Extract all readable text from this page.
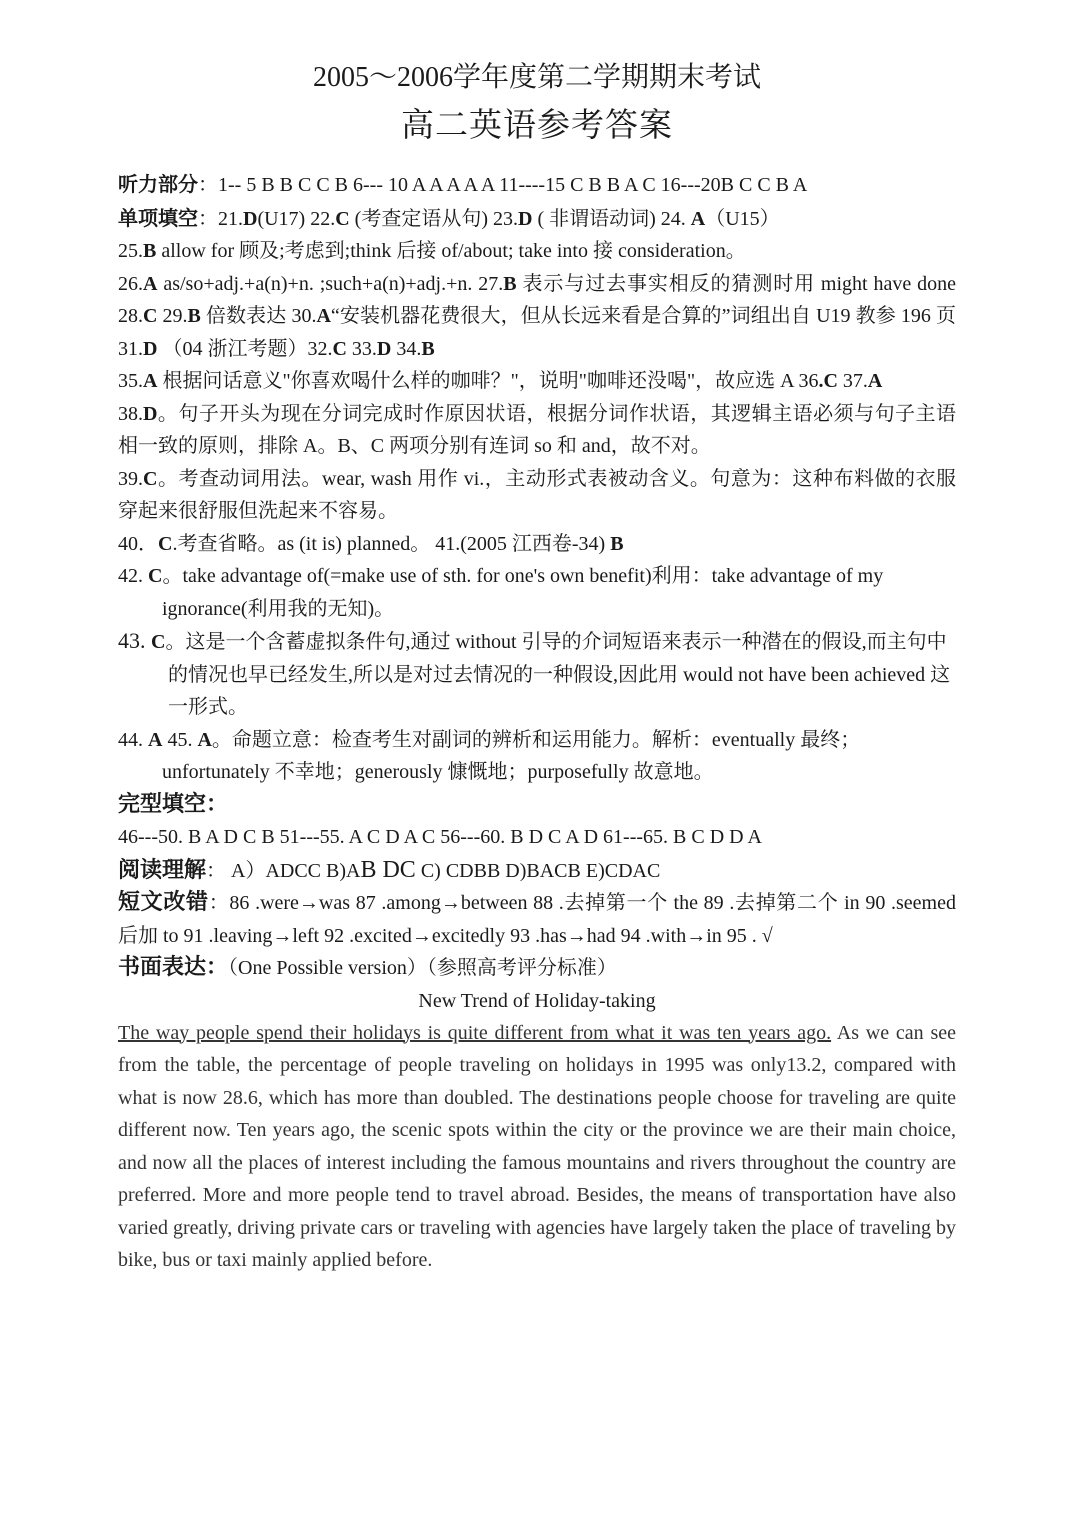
2005～2006学年度第二学期期末考试

高二英语参考答案

听力部分：1-- 5 B B C C B 6--- 10 A A A A A 11----15 C B B A C 16---20B C C B A

单项填空：21.D(U17) 22.C (考查定语从句) 23.D ( 非谓语动词) 24. A（U15）

25.B allow for 顾及;考虑到;think 后接 of/about; take into 接 consideration。

26.A as/so+adj.+a(n)+n. ;such+a(n)+adj.+n. 27.B 表示与过去事实相反的猜测时用 might have done 28.C 29.B 倍数表达 30.A“安装机器花费很大，但从长远来看是合算的”词组出自 U19 教参 196 页 31.D （04 浙江考题）32.C 33.D 34.B

35.A 根据问话意义"你喜欢喝什么样的咖啡？"，说明"咖啡还没喝"，故应选 A 36.C 37.A

38.D。句子开头为现在分词完成时作原因状语，根据分词作状语，其逻辑主语必须与句子主语相一致的原则，排除 A。B、C 两项分别有连词 so 和 and，故不对。

39.C。考查动词用法。wear, wash 用作 vi.，主动形式表被动含义。句意为：这种布料做的衣服穿起来很舒服但洗起来不容易。

40．C.考查省略。as (it is) planned。 41.(2005 江西卷-34) B

42. C。take advantage of(=make use of sth. for one's own benefit)利用：take advantage of my ignorance(利用我的无知)。

43. C。这是一个含蓄虚拟条件句,通过 without 引导的介词短语来表示一种潜在的假设,而主句中的情况也早已经发生,所以是对过去情况的一种假设,因此用 would not have been achieved 这一形式。

44. A 45. A。命题立意：检查考生对副词的辨析和运用能力。解析：eventually 最终；unfortunately 不幸地；generously 慷慨地；purposefully 故意地。

完型填空：

46---50. B A D C B 51---55. A C D A C 56---60. B D C A D 61---65. B C D D A

阅读理解： A）ADCC B)AB DC C) CDBB D)BACB E)CDAC

短文改错：86 .were→was 87 .among→between 88 .去掉第一个 the 89 .去掉第二个 in 90 .seemed 后加 to 91 .leaving→left 92 .excited→excitedly 93 .has→had 94 .with→in 95 . √

书面表达：（One Possible version）（参照高考评分标准）

New Trend of Holiday-taking

The way people spend their holidays is quite different from what it was ten years ago. As we can see from the table, the percentage of people traveling on holidays in 1995 was only13.2, compared with what is now 28.6, which has more than doubled. The destinations people choose for traveling are quite different now. Ten years ago, the scenic spots within the city or the province we are their main choice, and now all the places of interest including the famous mountains and rivers throughout the country are preferred. More and more people tend to travel abroad. Besides, the means of transportation have also varied greatly, driving private cars or traveling with agencies have largely taken the place of traveling by bike, bus or taxi mainly applied before.
